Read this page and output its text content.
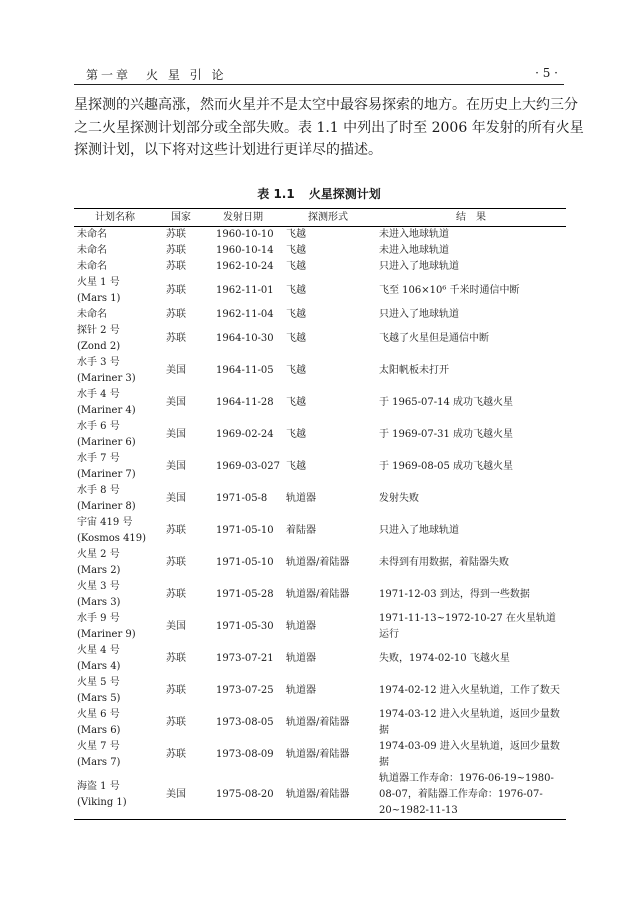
第一章　火 星 引 论	· 5 ·
星探测的兴趣高涨，然而火星并不是太空中最容易探索的地方。在历史上大约三分
之二火星探测计划部分或全部失败。表 1.1 中列出了时至 2006 年发射的所有火星
探测计划，以下将对这些计划进行更详尽的描述。
表 1.1 火星探测计划
计划名称	国家	发射日期	探测形式	结　果

未命名	苏联	1960-10-10	飞越	未进入地球轨道

未命名	苏联	1960-10-14	飞越	未进入地球轨道

未命名	苏联	1962-10-24	飞越	只进入了地球轨道

火星 1 号
(Mars 1)	苏联	1962-11-01	飞越	飞至 106×10⁶ 千米时通信中断

未命名	苏联	1962-11-04	飞越	只进入了地球轨道

探针 2 号
(Zond 2)	苏联	1964-10-30	飞越	飞越了火星但是通信中断

水手 3 号
(Mariner 3)	美国	1964-11-05	飞越	太阳帆板未打开

水手 4 号
(Mariner 4)	美国	1964-11-28	飞越	于 1965-07-14 成功飞越火星

水手 6 号
(Mariner 6)	美国	1969-02-24	飞越	于 1969-07-31 成功飞越火星

水手 7 号
(Mariner 7)	美国	1969-03-027	飞越	于 1969-08-05 成功飞越火星

水手 8 号
(Mariner 8)	美国	1971-05-8	轨道器	发射失败

宇宙 419 号
(Kosmos 419)	苏联	1971-05-10	着陆器	只进入了地球轨道

火星 2 号
(Mars 2)	苏联	1971-05-10	轨道器/着陆器	未得到有用数据，着陆器失败

火星 3 号
(Mars 3)	苏联	1971-05-28	轨道器/着陆器	1971-12-03 到达，得到一些数据

水手 9 号
(Mariner 9)	美国	1971-05-30	轨道器	1971-11-13~1972-10-27 在火星轨道运行

火星 4 号
(Mars 4)	苏联	1973-07-21	轨道器	失败，1974-02-10 飞越火星

火星 5 号
(Mars 5)	苏联	1973-07-25	轨道器	1974-02-12 进入火星轨道，工作了数天

火星 6 号
(Mars 6)	苏联	1973-08-05	轨道器/着陆器	1974-03-12 进入火星轨道，返回少量数据

火星 7 号
(Mars 7)	苏联	1973-08-09	轨道器/着陆器	1974-03-09 进入火星轨道，返回少量数据

海盗 1 号
(Viking 1)	美国	1975-08-20	轨道器/着陆器	轨道器工作寿命：1976-06-19~1980-08-07，着陆器工作寿命：1976-07-20~1982-11-13
